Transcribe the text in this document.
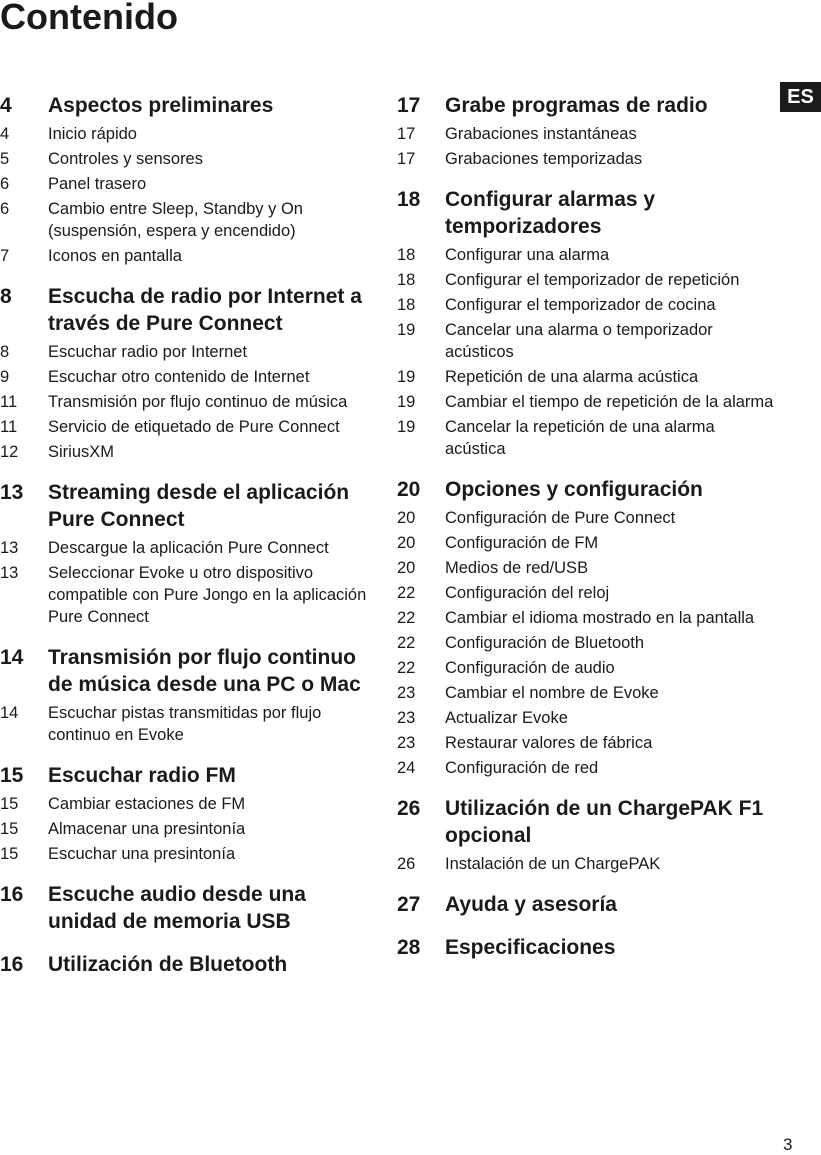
Contenido
ES
4	Aspectos preliminares
4	Inicio rápido
5	Controles y sensores
6	Panel trasero
6	Cambio entre Sleep, Standby y On (suspensión, espera y encendido)
7	Iconos en pantalla
8	Escucha de radio por Internet a través de Pure Connect
8	Escuchar radio por Internet
9	Escuchar otro contenido de Internet
11	Transmisión por flujo continuo de música
11	Servicio de etiquetado de Pure Connect
12	SiriusXM
13	Streaming desde el aplicación Pure Connect
13	Descargue la aplicación Pure Connect
13	Seleccionar Evoke u otro dispositivo compatible con Pure Jongo en la aplicación Pure Connect
14	Transmisión por flujo continuo de música desde una PC o Mac
14	Escuchar pistas transmitidas por flujo continuo en Evoke
15	Escuchar radio FM
15	Cambiar estaciones de FM
15	Almacenar una presintonía
15	Escuchar una presintonía
16	Escuche audio desde una unidad de memoria USB
16	Utilización de Bluetooth
17	Grabe programas de radio
17	Grabaciones instantáneas
17	Grabaciones temporizadas
18	Configurar alarmas y temporizadores
18	Configurar una alarma
18	Configurar el temporizador de repetición
18	Configurar el temporizador de cocina
19	Cancelar una alarma o temporizador acústicos
19	Repetición de una alarma acústica
19	Cambiar el tiempo de repetición de la alarma
19	Cancelar la repetición de una alarma acústica
20	Opciones y configuración
20	Configuración de Pure Connect
20	Configuración de FM
20	Medios de red/USB
22	Configuración del reloj
22	Cambiar el idioma mostrado en la pantalla
22	Configuración de Bluetooth
22	Configuración de audio
23	Cambiar el nombre de Evoke
23	Actualizar Evoke
23	Restaurar valores de fábrica
24	Configuración de red
26	Utilización de un ChargePAK F1 opcional
26	Instalación de un ChargePAK
27	Ayuda y asesoría
28	Especificaciones
3
